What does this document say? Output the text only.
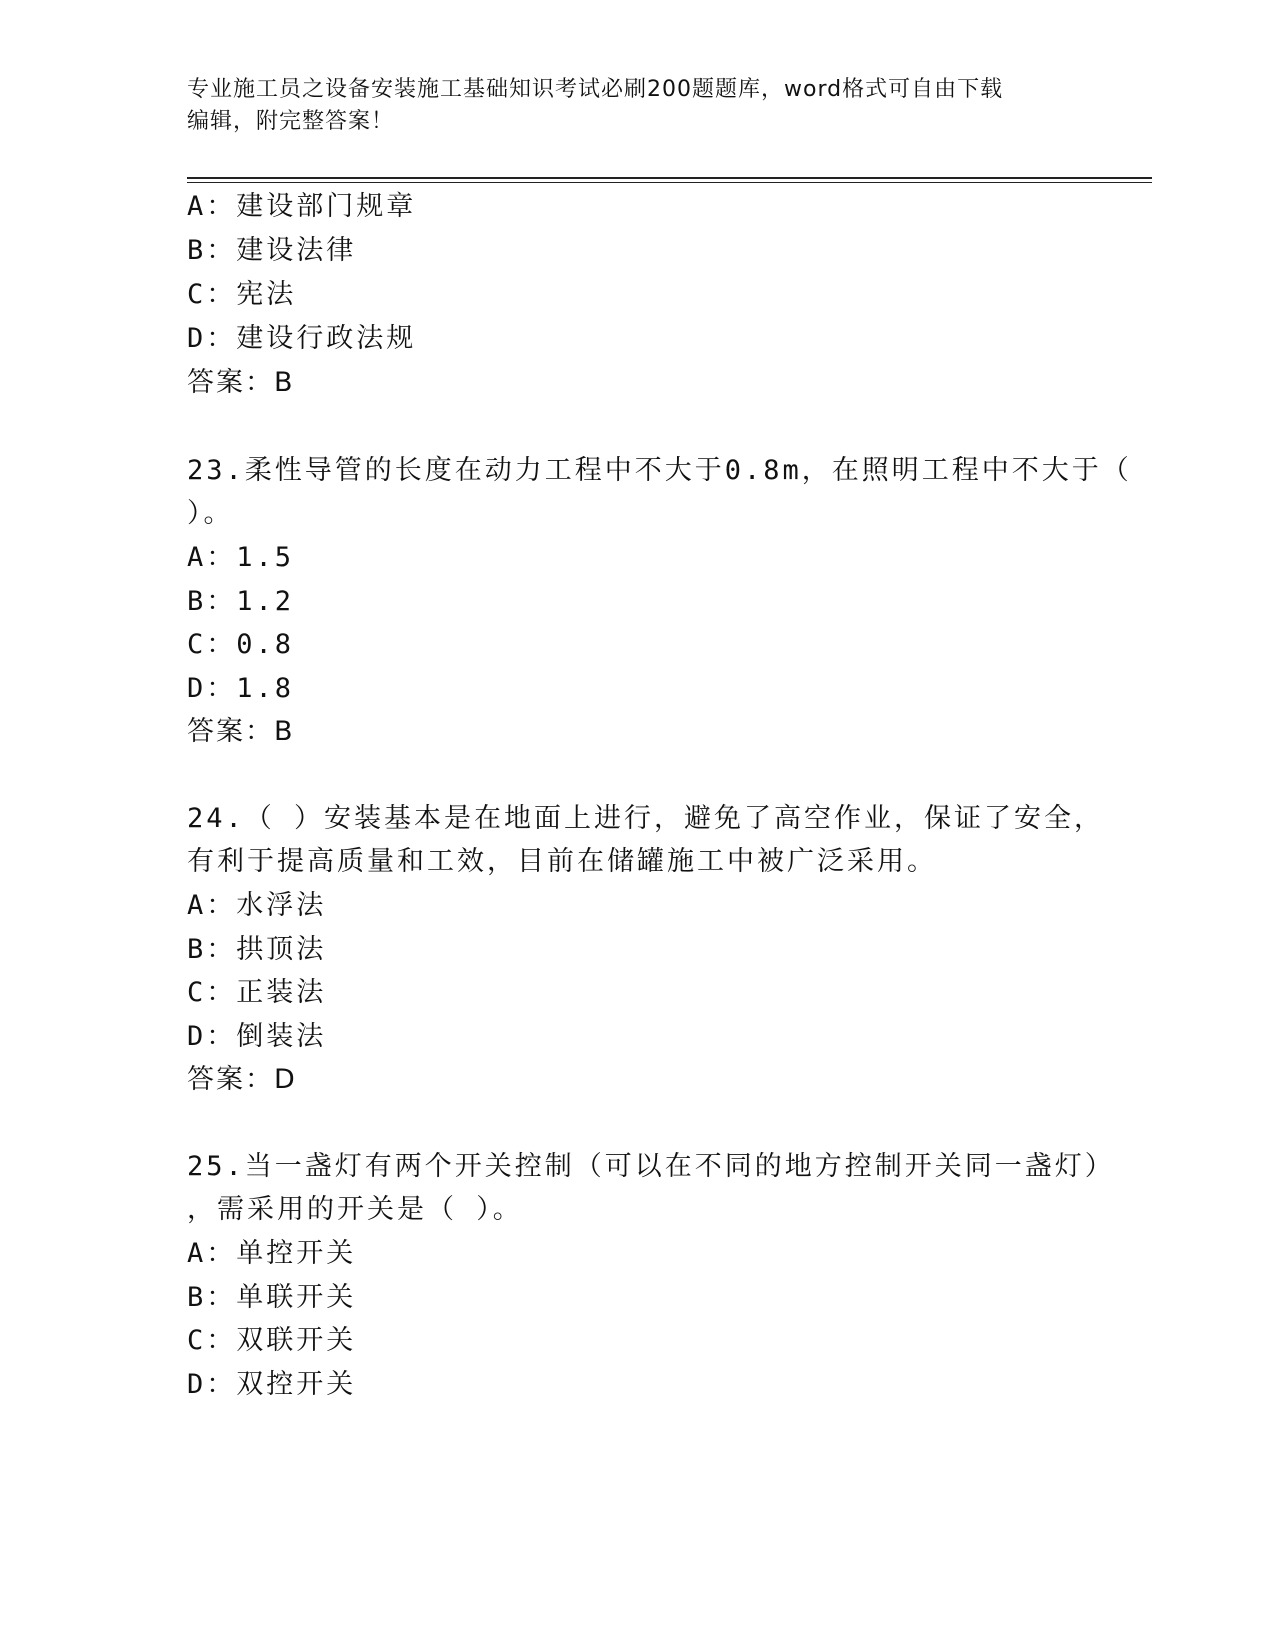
专业施工员之设备安装施工基础知识考试必刷200题题库，word格式可自由下载
编辑，附完整答案！
A：建设部门规章
B：建设法律
C：宪法
D：建设行政法规
答案：B
23.柔性导管的长度在动力工程中不大于0.8m，在照明工程中不大于（
）。
A：1.5
B：1.2
C：0.8
D：1.8
答案：B
24.（ ）安装基本是在地面上进行，避免了高空作业，保证了安全，
有利于提高质量和工效，目前在储罐施工中被广泛采用。
A：水浮法
B：拱顶法
C：正装法
D：倒装法
答案：D
25.当一盏灯有两个开关控制（可以在不同的地方控制开关同一盏灯）
，需采用的开关是（ ）。
A：单控开关
B：单联开关
C：双联开关
D：双控开关
